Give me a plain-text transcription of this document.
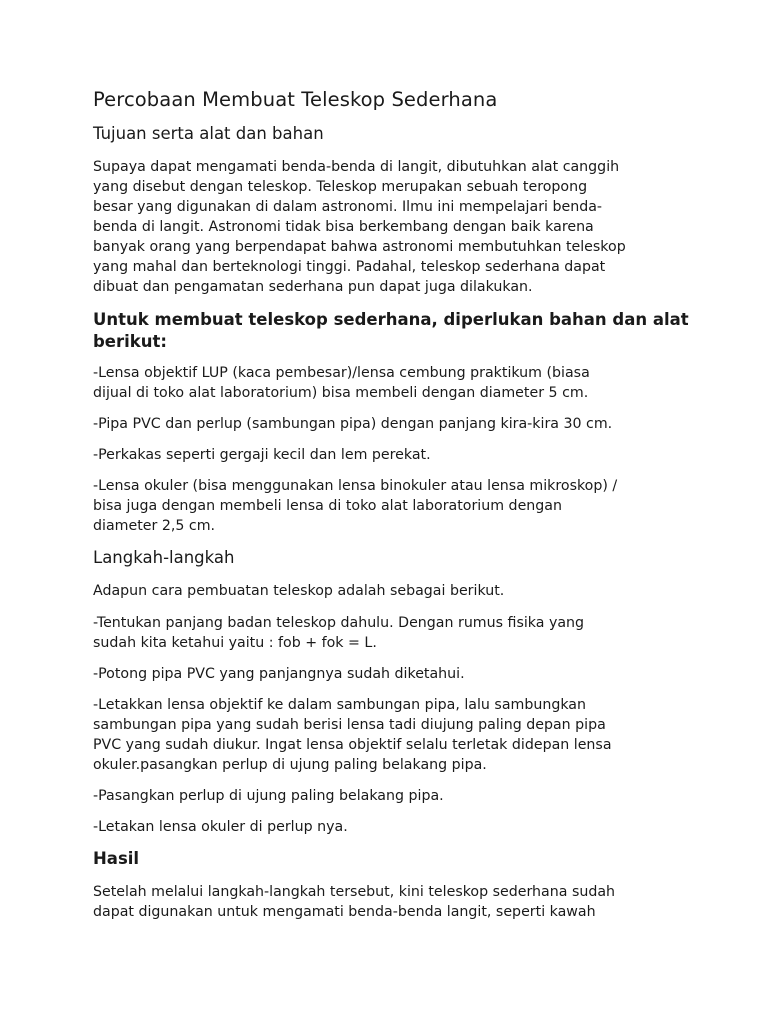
Percobaan Membuat Teleskop Sederhana
Tujuan serta alat dan bahan

Supaya dapat mengamati benda-benda di langit, dibutuhkan alat canggih
yang disebut dengan teleskop. Teleskop merupakan sebuah teropong
besar yang digunakan di dalam astronomi. Ilmu ini mempelajari benda-
benda di langit. Astronomi tidak bisa berkembang dengan baik karena
banyak orang yang berpendapat bahwa astronomi membutuhkan teleskop
yang mahal dan berteknologi tinggi. Padahal, teleskop sederhana dapat
dibuat dan pengamatan sederhana pun dapat juga dilakukan.

Untuk membuat teleskop sederhana, diperlukan bahan dan alat
berikut:

-Lensa objektif LUP (kaca pembesar)/lensa cembung praktikum (biasa
dijual di toko alat laboratorium) bisa membeli dengan diameter 5 cm.

-Pipa PVC dan perlup (sambungan pipa) dengan panjang kira-kira 30 cm.

-Perkakas seperti gergaji kecil dan lem perekat.

-Lensa okuler (bisa menggunakan lensa binokuler atau lensa mikroskop) /
bisa juga dengan membeli lensa di toko alat laboratorium dengan
diameter 2,5 cm.

Langkah-langkah

Adapun cara pembuatan teleskop adalah sebagai berikut.

-Tentukan panjang badan teleskop dahulu. Dengan rumus fisika yang
sudah kita ketahui yaitu : fob + fok = L.

-Potong pipa PVC yang panjangnya sudah diketahui.

-Letakkan lensa objektif ke dalam sambungan pipa, lalu sambungkan
sambungan pipa yang sudah berisi lensa tadi diujung paling depan pipa
PVC yang sudah diukur. Ingat lensa objektif selalu terletak didepan lensa
okuler.pasangkan perlup di ujung paling belakang pipa.

-Pasangkan perlup di ujung paling belakang pipa.

-Letakan lensa okuler di perlup nya.

Hasil

Setelah melalui langkah-langkah tersebut, kini teleskop sederhana sudah
dapat digunakan untuk mengamati benda-benda langit, seperti kawah
